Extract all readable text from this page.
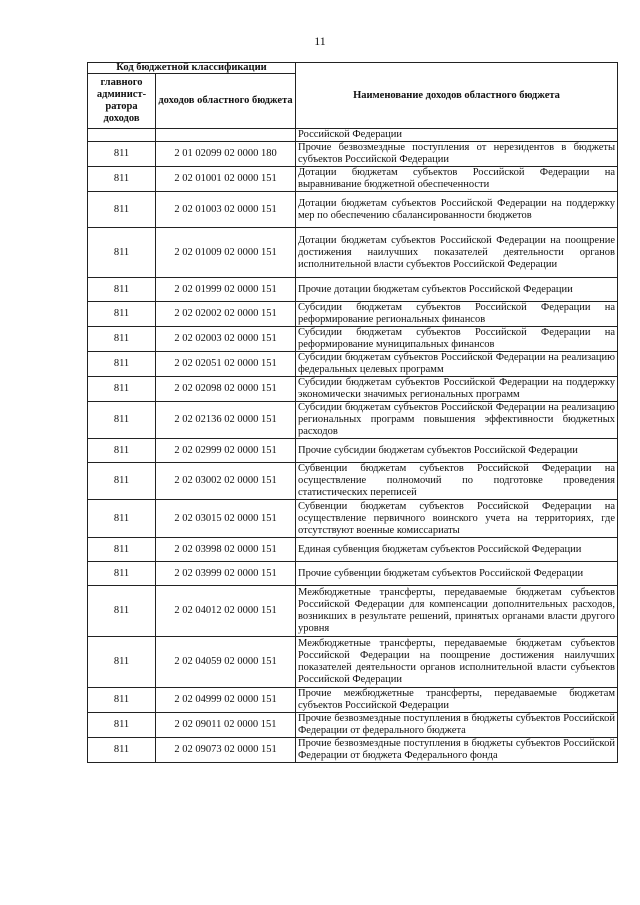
11
Код бюджетной классификации		Наименование доходов областного бюджета
главного админист-ратора доходов	доходов областного бюджета	
		Российской Федерации
811	2 01 02099 02 0000 180	Прочие безвозмездные поступления от нерезидентов в бюджеты субъектов Российской Федерации
811	2 02 01001 02 0000 151	Дотации бюджетам субъектов Российской Федерации на выравнивание бюджетной обеспеченности
811	2 02 01003 02 0000 151	Дотации бюджетам субъектов Российской Федерации на поддержку мер по обеспечению сбалансированности бюджетов
811	2 02 01009 02 0000 151	Дотации бюджетам субъектов Российской Федерации на поощрение достижения наилучших показателей деятельности органов исполнительной власти субъектов Российской Федерации
811	2 02 01999 02 0000 151	Прочие дотации бюджетам субъектов Российской Федерации
811	2 02 02002 02 0000 151	Субсидии бюджетам субъектов Российской Федерации на реформирование региональных финансов
811	2 02 02003 02 0000 151	Субсидии бюджетам субъектов Российской Федерации на реформирование муниципальных финансов
811	2 02 02051 02 0000 151	Субсидии бюджетам субъектов Российской Федерации на реализацию федеральных целевых программ
811	2 02 02098 02 0000 151	Субсидии бюджетам субъектов Российской Федерации на поддержку экономически значимых региональных программ
811	2 02 02136 02 0000 151	Субсидии бюджетам субъектов Российской Федерации на реализацию региональных программ повышения эффективности бюджетных расходов
811	2 02 02999 02 0000 151	Прочие субсидии бюджетам субъектов Российской Федерации
811	2 02 03002 02 0000 151	Субвенции бюджетам субъектов Российской Федерации на осуществление полномочий по подготовке проведения статистических переписей
811	2 02 03015 02 0000 151	Субвенции бюджетам субъектов Российской Федерации на осуществление первичного воинского учета на территориях, где отсутствуют военные комиссариаты
811	2 02 03998 02 0000 151	Единая субвенция бюджетам субъектов Российской Федерации
811	2 02 03999 02 0000 151	Прочие субвенции бюджетам субъектов Российской Федерации
811	2 02 04012 02 0000 151	Межбюджетные трансферты, передаваемые бюджетам субъектов Российской Федерации для компенсации дополнительных расходов, возникших в результате решений, принятых органами власти другого уровня
811	2 02 04059 02 0000 151	Межбюджетные трансферты, передаваемые бюджетам субъектов Российской Федерации на поощрение достижения наилучших показателей деятельности органов исполнительной власти субъектов Российской Федерации
811	2 02 04999 02 0000 151	Прочие межбюджетные трансферты, передаваемые бюджетам субъектов Российской Федерации
811	2 02 09011 02 0000 151	Прочие безвозмездные поступления в бюджеты субъектов Российской Федерации от федерального бюджета
811	2 02 09073 02 0000 151	Прочие безвозмездные поступления в бюджеты субъектов Российской Федерации от бюджета Федерального фонда
